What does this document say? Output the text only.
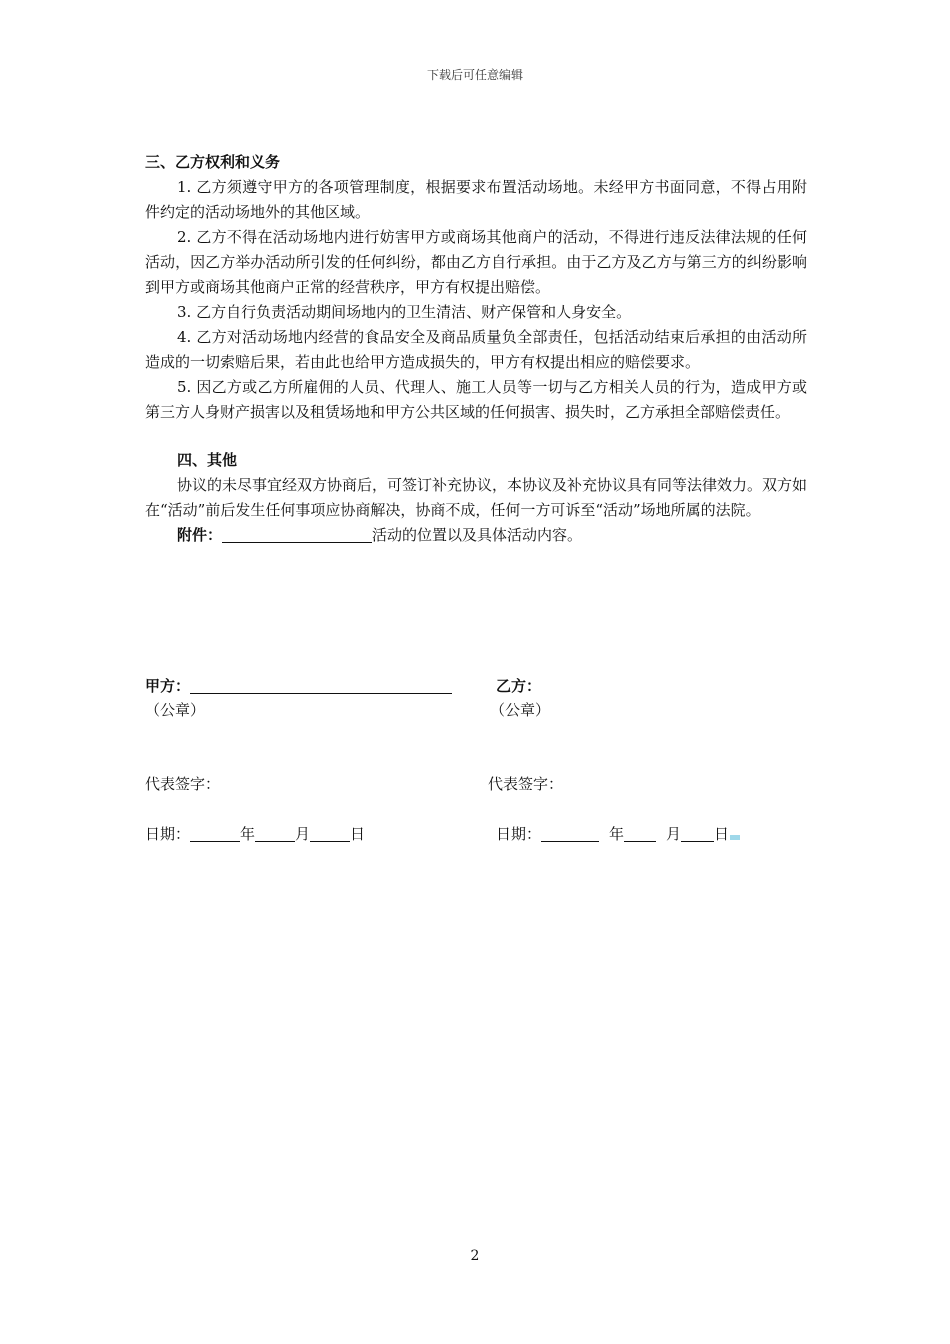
下载后可任意编辑
三、乙方权利和义务

1. 乙方须遵守甲方的各项管理制度，根据要求布置活动场地。未经甲方书面同意，不得占用附件约定的活动场地外的其他区域。

2. 乙方不得在活动场地内进行妨害甲方或商场其他商户的活动，不得进行违反法律法规的任何活动，因乙方举办活动所引发的任何纠纷，都由乙方自行承担。由于乙方及乙方与第三方的纠纷影响到甲方或商场其他商户正常的经营秩序，甲方有权提出赔偿。

3. 乙方自行负责活动期间场地内的卫生清洁、财产保管和人身安全。

4. 乙方对活动场地内经营的食品安全及商品质量负全部责任，包括活动结束后承担的由活动所造成的一切索赔后果，若由此也给甲方造成损失的，甲方有权提出相应的赔偿要求。

5. 因乙方或乙方所雇佣的人员、代理人、施工人员等一切与乙方相关人员的行为，造成甲方或第三方人身财产损害以及租赁场地和甲方公共区域的任何损害、损失时，乙方承担全部赔偿责任。

四、其他

协议的未尽事宜经双方协商后，可签订补充协议，本协议及补充协议具有同等法律效力。双方如在“活动”前后发生任何事项应协商解决，协商不成，任何一方可诉至“活动”场地所属的法院。

附件：	活动的位置以及具体活动内容。
甲方：
（公章）
代表签字：
日期：	年	月	日
乙方：
（公章）
代表签字：
日期：	年	月 日
2
